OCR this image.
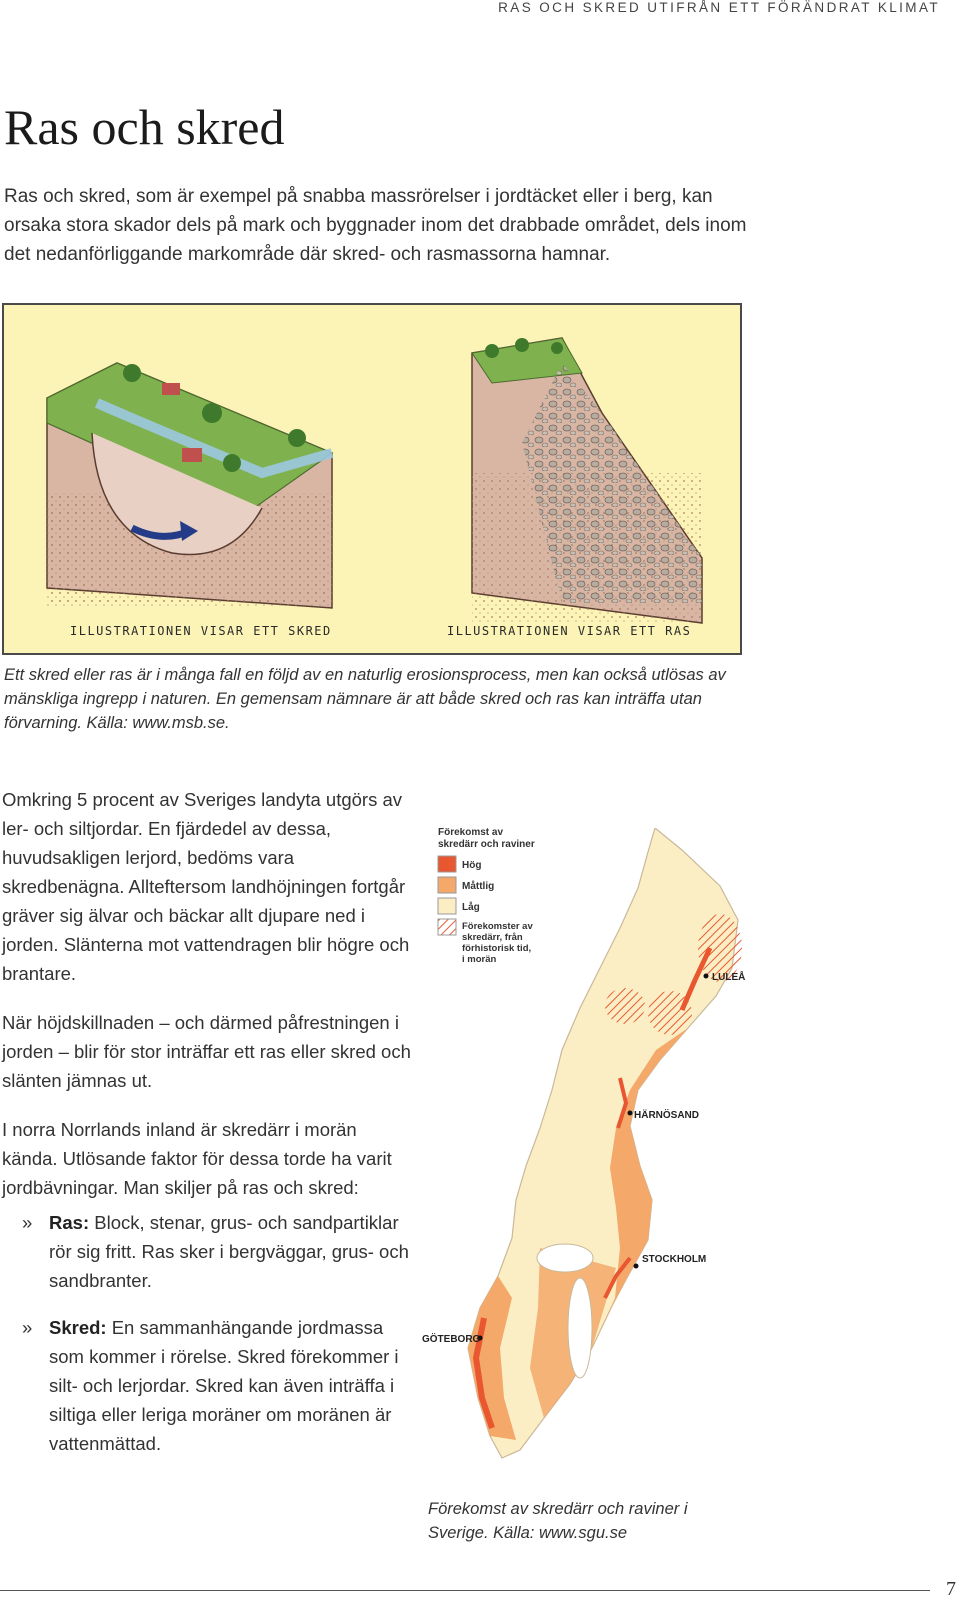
RAS OCH SKRED UTIFRÅN ETT FÖRÄNDRAT KLIMAT
Ras och skred

Ras och skred, som är exempel på snabba massrörelser i jordtäcket eller i berg, kan orsaka stora skador dels på mark och byggnader inom det drabbade området, dels inom det nedanförliggande markområde där skred- och rasmassorna hamnar.

ILLUSTRATIONEN VISAR ETT SKRED	ILLUSTRATIONEN VISAR ETT RAS

Ett skred eller ras är i många fall en följd av en naturlig erosionsprocess, men kan också utlösas av mänskliga ingrepp i naturen. En gemensam nämnare är att både skred och ras kan inträffa utan förvarning. Källa: www.msb.se.

Omkring 5 procent av Sveriges landyta utgörs av ler- och siltjordar. En fjärdedel av dessa, huvudsakligen lerjord, bedöms vara skredbenägna. Allteftersom landhöjningen fortgår gräver sig älvar och bäckar allt djupare ned i jorden. Slänterna mot vattendragen blir högre och brantare.

När höjdskillnaden – och därmed påfrestningen i jorden – blir för stor inträffar ett ras eller skred och slänten jämnas ut.

I norra Norrlands inland är skredärr i morän kända. Utlösande faktor för dessa torde ha varit jordbävningar. Man skiljer på ras och skred:

» Ras: Block, stenar, grus- och sandpartiklar rör sig fritt. Ras sker i bergväggar, grus- och sandbranter.
» Skred: En sammanhängande jordmassa som kommer i rörelse. Skred förekommer i silt- och lerjordar. Skred kan även inträffa i siltiga eller leriga moräner om moränen är vattenmättad.
Förekomst av
skredärr och raviner
Hög
Måttlig
Låg
Förekomster av
skredärr, från
förhistorisk tid,
i morän
LULEÅ
HÄRNÖSAND
STOCKHOLM
GÖTEBORG

Förekomst av skredärr och raviner i Sverige. Källa: www.sgu.se

7
